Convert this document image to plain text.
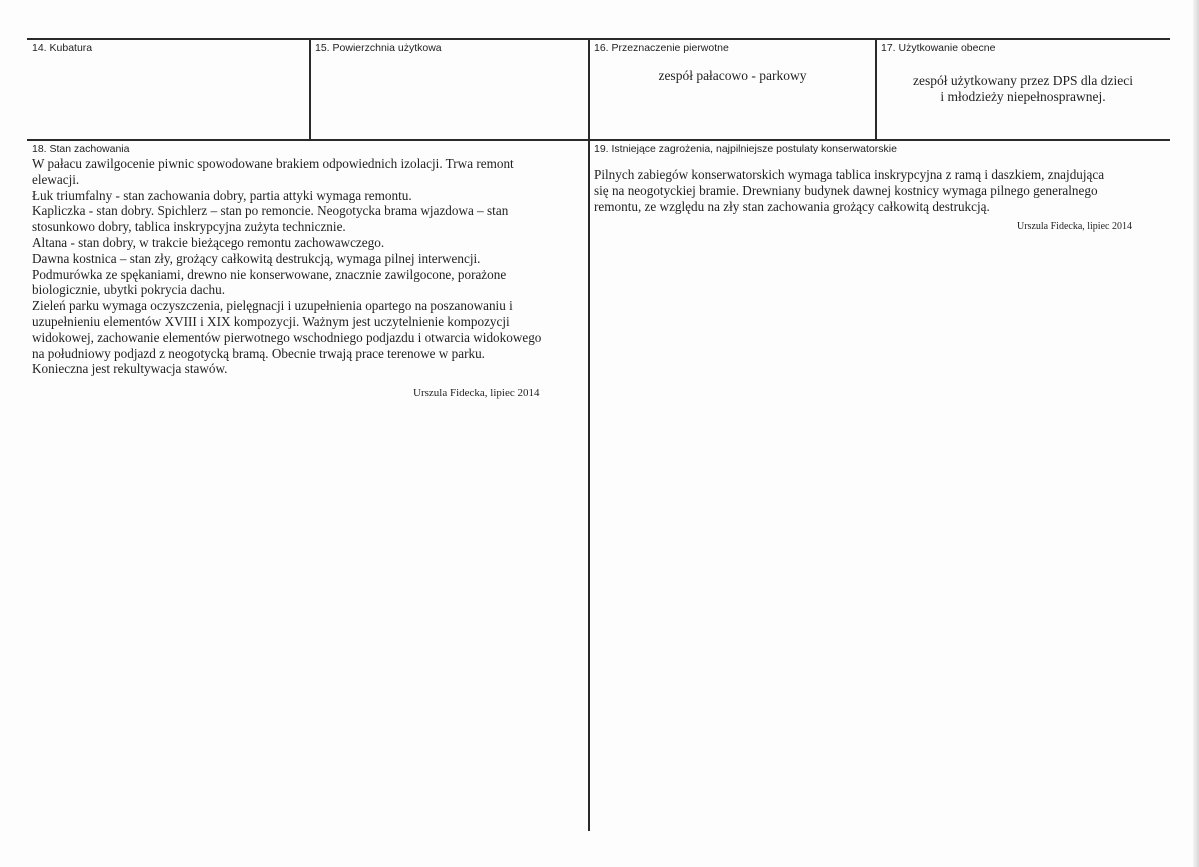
14. Kubatura	15. Powierzchnia użytkowa	16. Przeznaczenie pierwotne
zespół pałacowo - parkowy
17. Użytkowanie obecne
zespół użytkowany przez DPS dla dzieci
i młodzieży niepełnosprawnej.
18. Stan zachowania
W pałacu zawilgocenie piwnic spowodowane brakiem odpowiednich izolacji. Trwa remont
elewacji.
Łuk triumfalny - stan zachowania dobry, partia attyki wymaga remontu.
Kapliczka - stan dobry. Spichlerz – stan po remoncie. Neogotycka brama wjazdowa – stan
stosunkowo dobry, tablica inskrypcyjna zużyta technicznie.
Altana - stan dobry, w trakcie bieżącego remontu zachowawczego.
Dawna kostnica – stan zły, grożący całkowitą destrukcją, wymaga pilnej interwencji.
Podmurówka ze spękaniami, drewno nie konserwowane, znacznie zawilgocone, porażone
biologicznie, ubytki pokrycia dachu.
Zieleń parku wymaga oczyszczenia, pielęgnacji i uzupełnienia opartego na poszanowaniu i
uzupełnieniu elementów XVIII i XIX kompozycji. Ważnym jest uczytelnienie kompozycji
widokowej, zachowanie elementów pierwotnego wschodniego podjazdu i otwarcia widokowego
na południowy podjazd z neogotycką bramą. Obecnie trwają prace terenowe w parku.
Konieczna jest rekultywacja stawów.
Urszula Fidecka, lipiec 2014
19. Istniejące zagrożenia, najpilniejsze postulaty konserwatorskie
Pilnych zabiegów konserwatorskich wymaga tablica inskrypcyjna z ramą i daszkiem, znajdująca
się na neogotyckiej bramie. Drewniany budynek dawnej kostnicy wymaga pilnego generalnego
remontu, ze względu na zły stan zachowania grożący całkowitą destrukcją.
Urszula Fidecka, lipiec 2014
